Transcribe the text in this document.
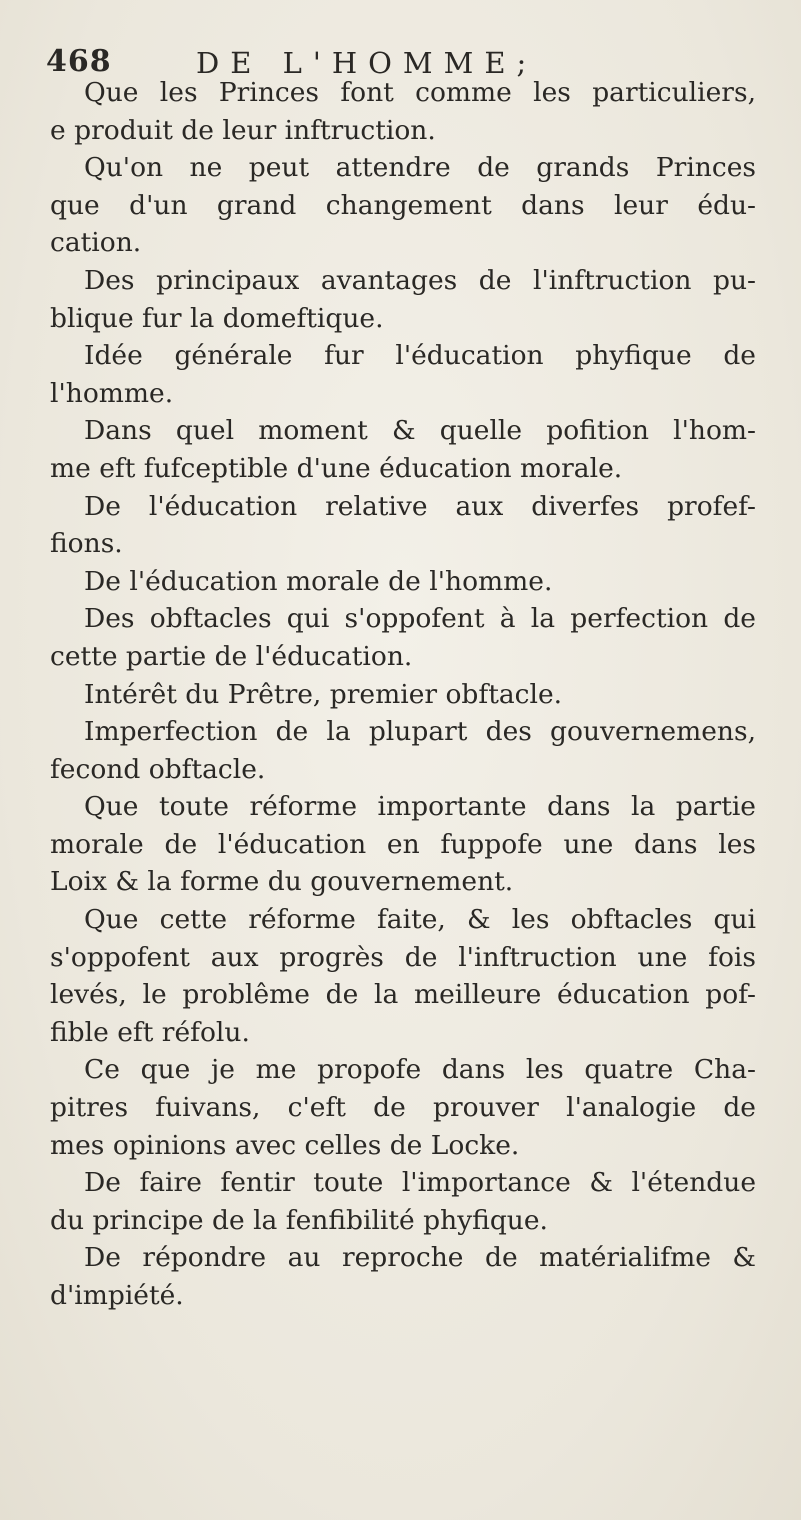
468	DE L'HOMME;
Que les Princes font comme les particuliers,
e produit de leur inftruction.
Qu'on ne peut attendre de grands Princes
que d'un grand changement dans leur édu-
cation.
Des principaux avantages de l'inftruction pu-
blique fur la domeftique.
Idée générale fur l'éducation phyfique de
l'homme.
Dans quel moment & quelle pofition l'hom-
me eft fufceptible d'une éducation morale.
De l'éducation relative aux diverfes profef-
fions.
De l'éducation morale de l'homme.
Des obftacles qui s'oppofent à la perfection de
cette partie de l'éducation.
Intérêt du Prêtre, premier obftacle.
Imperfection de la plupart des gouvernemens,
fecond obftacle.
Que toute réforme importante dans la partie
morale de l'éducation en fuppofe une dans les
Loix & la forme du gouvernement.
Que cette réforme faite, & les obftacles qui
s'oppofent aux progrès de l'inftruction une fois
levés, le problême de la meilleure éducation pof-
fible eft réfolu.
Ce que je me propofe dans les quatre Cha-
pitres fuivans, c'eft de prouver l'analogie de
mes opinions avec celles de Locke.
De faire fentir toute l'importance & l'étendue
du principe de la fenfibilité phyfique.
De répondre au reproche de matérialifme &
d'impiété.
